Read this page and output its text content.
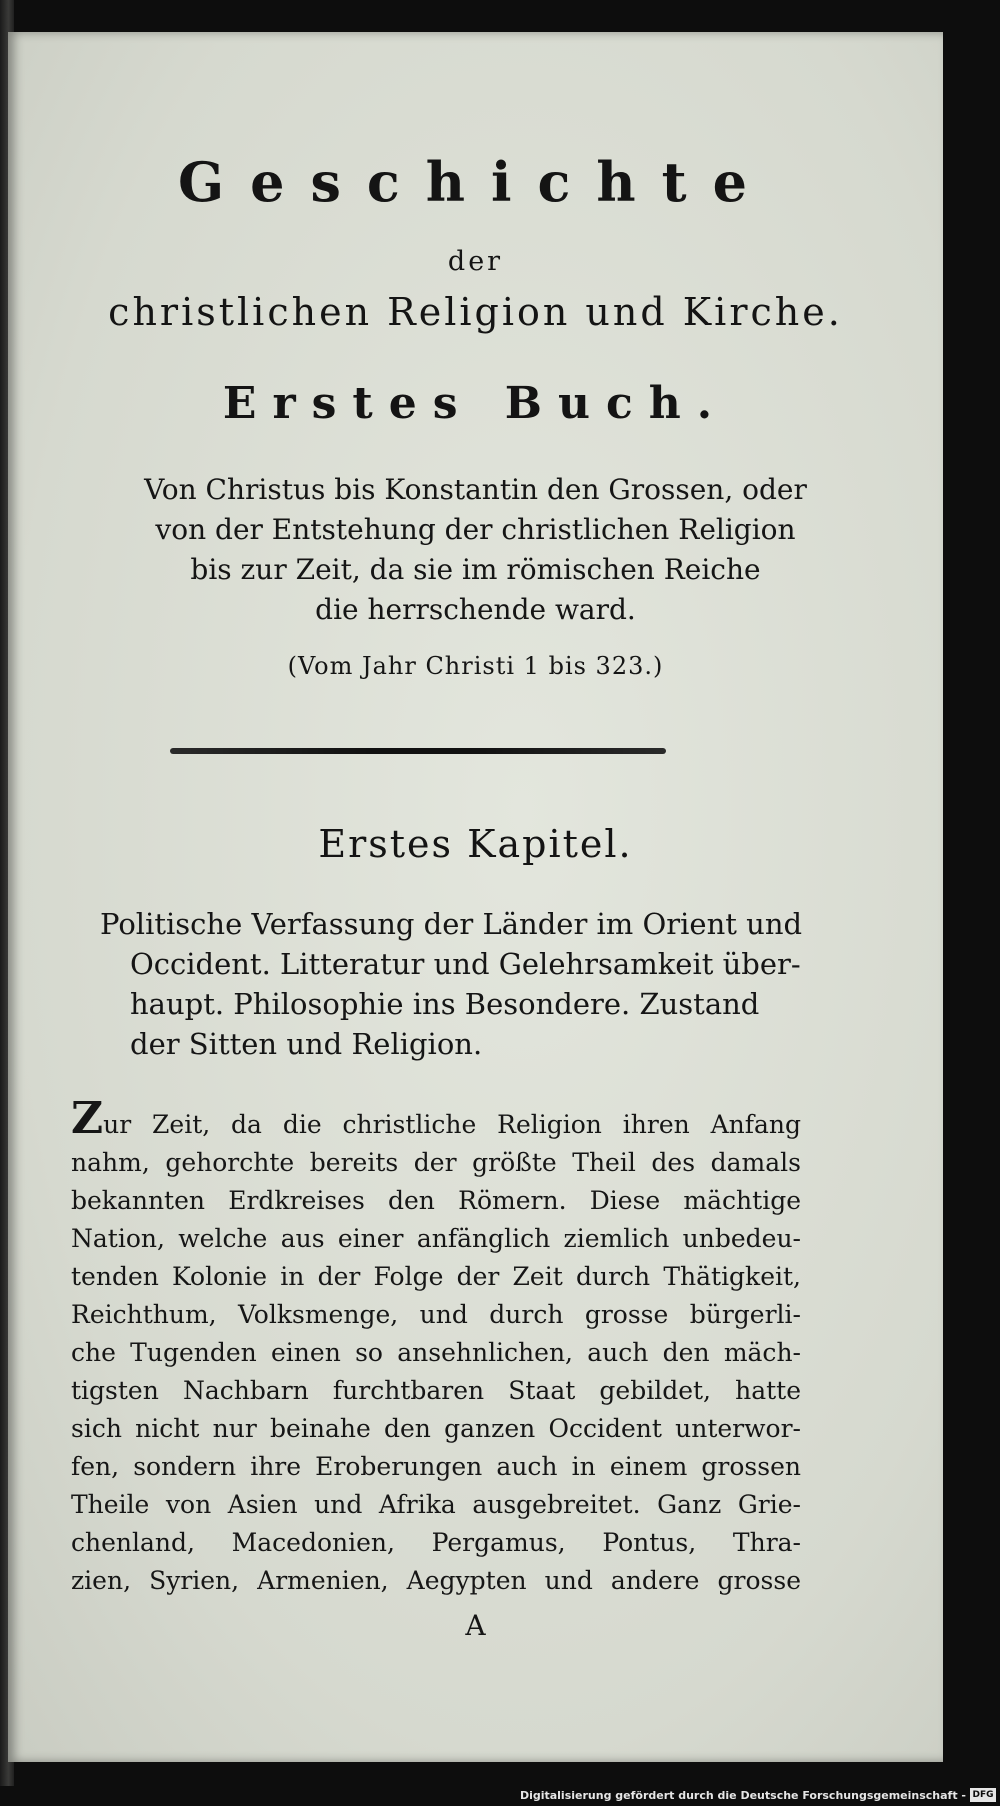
Geschichte
der
christlichen Religion und Kirche.
Erstes Buch.
Von Christus bis Konstantin den Grossen, oder
von der Entstehung der christlichen Religion
bis zur Zeit, da sie im römischen Reiche
die herrschende ward.
(Vom Jahr Christi 1 bis 323.)
Erstes Kapitel.
Politische Verfassung der Länder im Orient und
Occident. Litteratur und Gelehrsamkeit über-
haupt. Philosophie ins Besondere. Zustand
der Sitten und Religion.
Zur Zeit, da die christliche Religion ihren Anfang
nahm, gehorchte bereits der größte Theil des damals
bekannten Erdkreises den Römern. Diese mächtige
Nation, welche aus einer anfänglich ziemlich unbedeu-
tenden Kolonie in der Folge der Zeit durch Thätigkeit,
Reichthum, Volksmenge, und durch grosse bürgerli-
che Tugenden einen so ansehnlichen, auch den mäch-
tigsten Nachbarn furchtbaren Staat gebildet, hatte
sich nicht nur beinahe den ganzen Occident unterwor-
fen, sondern ihre Eroberungen auch in einem grossen
Theile von Asien und Afrika ausgebreitet. Ganz Grie-
chenland, Macedonien, Pergamus, Pontus, Thra-
zien, Syrien, Armenien, Aegypten und andere grosse
A
Digitalisierung gefördert durch die Deutsche Forschungsgemeinschaft - DFG
